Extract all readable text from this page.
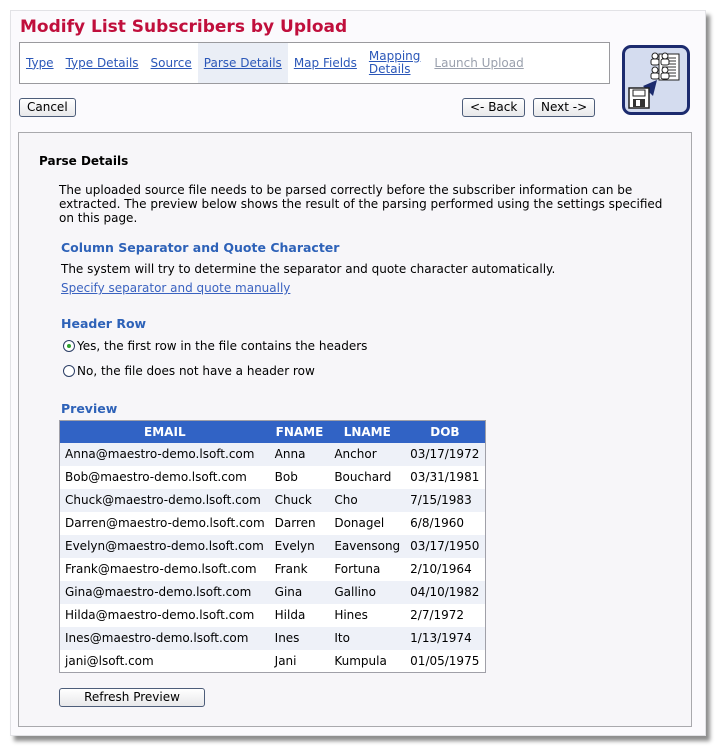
Modify List Subscribers by Upload
Type	Type Details	Source	Parse Details	Map Fields	Mapping
Details	Launch Upload
Cancel	<- Back	Next ->
Parse Details
The uploaded source file needs to be parsed correctly before the subscriber information can be extracted. The preview below shows the result of the parsing performed using the settings specified on this page.
Column Separator and Quote Character
The system will try to determine the separator and quote character automatically.
Specify separator and quote manually
Header Row
Yes, the first row in the file contains the headers
No, the file does not have a header row
Preview
EMAIL	FNAME	LNAME	DOB
Anna@maestro-demo.lsoft.com	Anna	Anchor	03/17/1972
Bob@maestro-demo.lsoft.com	Bob	Bouchard	03/31/1981
Chuck@maestro-demo.lsoft.com	Chuck	Cho	7/15/1983
Darren@maestro-demo.lsoft.com	Darren	Donagel	6/8/1960
Evelyn@maestro-demo.lsoft.com	Evelyn	Eavensong	03/17/1950
Frank@maestro-demo.lsoft.com	Frank	Fortuna	2/10/1964
Gina@maestro-demo.lsoft.com	Gina	Gallino	04/10/1982
Hilda@maestro-demo.lsoft.com	Hilda	Hines	2/7/1972
Ines@maestro-demo.lsoft.com	Ines	Ito	1/13/1974
jani@lsoft.com	Jani	Kumpula	01/05/1975
Refresh Preview
